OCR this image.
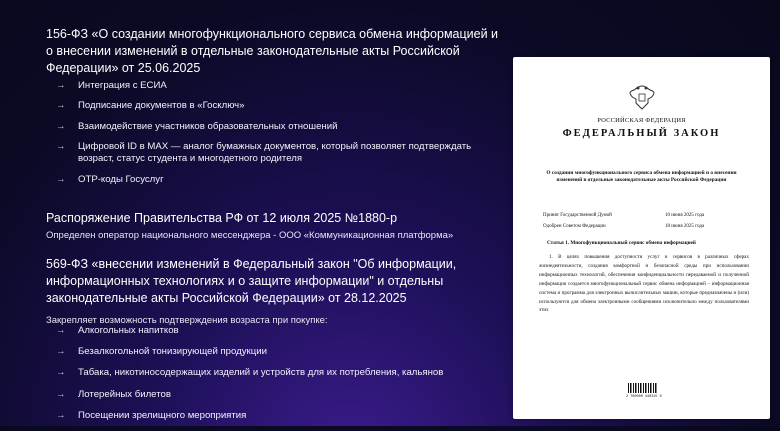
156-ФЗ «О создании многофункционального сервиса обмена информацией и о внесении изменений в отдельные законодательные акты Российской Федерации» от 25.06.2025

→ Интеграция с ЕСИА
→ Подписание документов в «Госключ»
→ Взаимодействие участников образовательных отношений
→ Цифровой ID в MAX — аналог бумажных документов, который позволяет подтверждать возраст, статус студента и многодетного родителя
→ OTP-коды Госуслуг

Распоряжение Правительства РФ от 12 июля 2025 №1880-р

Определен оператор национального мессенджера - ООО «Коммуникационная платформа»

569-ФЗ «внесении изменений в Федеральный закон "Об информации, информационных технологиях и о защите информации" и отдельны законодательные акты Российской Федерации» от 28.12.2025

Закрепляет возможность подтверждения возраста при покупке:
→ Алкогольных напитков
→ Безалкогольной тонизирующей продукции
→ Табака, никотиносодержащих изделий и устройств для их потребления, кальянов
→ Лотерейных билетов
→ Посещении зрелищного мероприятия
РОССИЙСКАЯ ФЕДЕРАЦИЯ
ФЕДЕРАЛЬНЫЙ ЗАКОН
О создании многофункционального сервиса обмена информацией и о внесении изменений в отдельные законодательные акты Российской Федерации
Принят Государственной Думой	10 июня 2025 года
Одобрен Советом Федерации	18 июня 2025 года
Статья 1. Многофункциональный сервис обмена информацией

1. В целях повышения доступности услуг и сервисов в различных сферах жизнедеятельности, создания комфортной и безопасной среды при использовании информационных технологий, обеспечения конфиденциальности передаваемой и полученной информации создается многофункциональный сервис обмена информацией – информационная система и программа для электронных вычислительных машин, которые предназначены и (или) используются для обмена электронными сообщениями исключительно между пользователями этих

2 700000 440315 0
